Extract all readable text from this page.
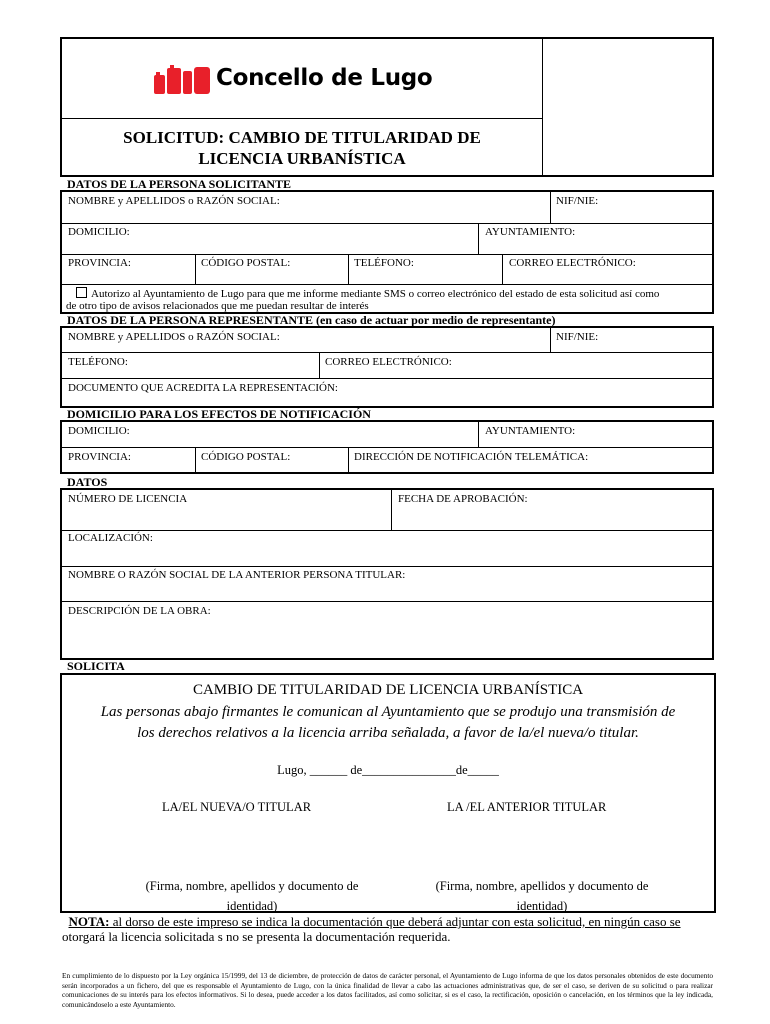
Concello de Lugo
SOLICITUD: CAMBIO DE TITULARIDAD DE
LICENCIA URBANÍSTICA
DATOS DE LA PERSONA SOLICITANTE
NOMBRE y APELLIDOS o RAZÓN SOCIAL:	NIF/NIE:
DOMICILIO:	AYUNTAMIENTO:
PROVINCIA:	CÓDIGO POSTAL:	TELÉFONO:	CORREO ELECTRÓNICO:
Autorizo al Ayuntamiento de Lugo para que me informe mediante SMS o correo electrónico del estado de esta solicitud así como
de otro tipo de avisos relacionados que me puedan resultar de interés
DATOS DE LA PERSONA REPRESENTANTE (en caso de actuar por medio de representante)
NOMBRE y APELLIDOS o RAZÓN SOCIAL:	NIF/NIE:
TELÉFONO:	CORREO ELECTRÓNICO:
DOCUMENTO QUE ACREDITA LA REPRESENTACIÓN:
DOMICILIO PARA LOS EFECTOS DE NOTIFICACIÓN
DOMICILIO:	AYUNTAMIENTO:
PROVINCIA:	CÓDIGO POSTAL:	DIRECCIÓN DE NOTIFICACIÓN TELEMÁTICA:
DATOS
NÚMERO DE LICENCIA	FECHA DE APROBACIÓN:
LOCALIZACIÓN:
NOMBRE O RAZÓN SOCIAL DE LA ANTERIOR PERSONA TITULAR:
DESCRIPCIÓN DE LA OBRA:
SOLICITA
CAMBIO DE TITULARIDAD DE LICENCIA URBANÍSTICA
Las personas abajo firmantes le comunican al Ayuntamiento que se produjo una transmisión de
los derechos relativos a la licencia arriba señalada, a favor de la/el nueva/o titular.
Lugo, ______ de_______________de_____
LA/EL NUEVA/O TITULAR	LA /EL ANTERIOR TITULAR
(Firma, nombre, apellidos y documento de
identidad)
(Firma, nombre, apellidos y documento de
identidad)
NOTA: al dorso de este impreso se indica la documentación que deberá adjuntar con esta solicitud, en ningún caso se
otorgará la licencia solicitada s no se presenta la documentación requerida.
En cumplimiento de lo dispuesto por la Ley orgánica 15/1999, del 13 de diciembre, de protección de datos de carácter personal, el Ayuntamiento de Lugo informa de que los datos personales obtenidos de este documento serán incorporados a un fichero, del que es responsable el Ayuntamiento de Lugo, con la única finalidad de llevar a cabo las actuaciones administrativas que, de ser el caso, se deriven de su solicitud o para realizar comunicaciones de su interés para los efectos informativos. Si lo desea, puede acceder a los datos facilitados, así como solicitar, si es el caso, la rectificación, oposición o cancelación, en los términos que la ley indicada, comunicándoselo a este Ayuntamiento.
